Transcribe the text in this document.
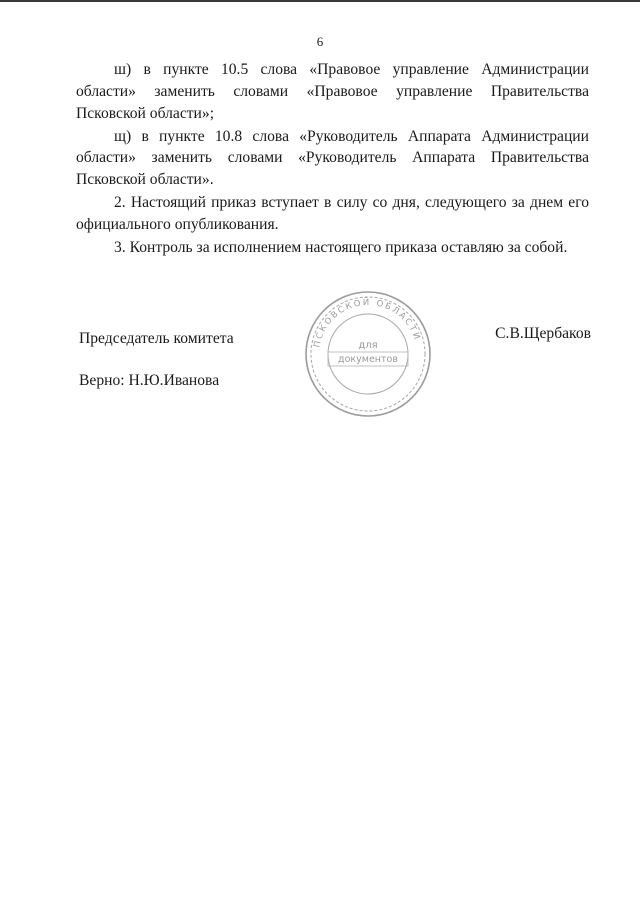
6

ш) в пункте 10.5 слова «Правовое управление Администрации области» заменить словами «Правовое управление Правительства Псковской области»;

щ) в пункте 10.8 слова «Руководитель Аппарата Администрации области» заменить словами «Руководитель Аппарата Правительства Псковской области».

2. Настоящий приказ вступает в силу со дня, следующего за днем его официального опубликования.

3. Контроль за исполнением настоящего приказа оставляю за собой.

Председатель комитета	С.В.Щербаков
Верно: Н.Ю.Иванова
ПСКОВСКОЙ ОБЛАСТИ
для
документов
